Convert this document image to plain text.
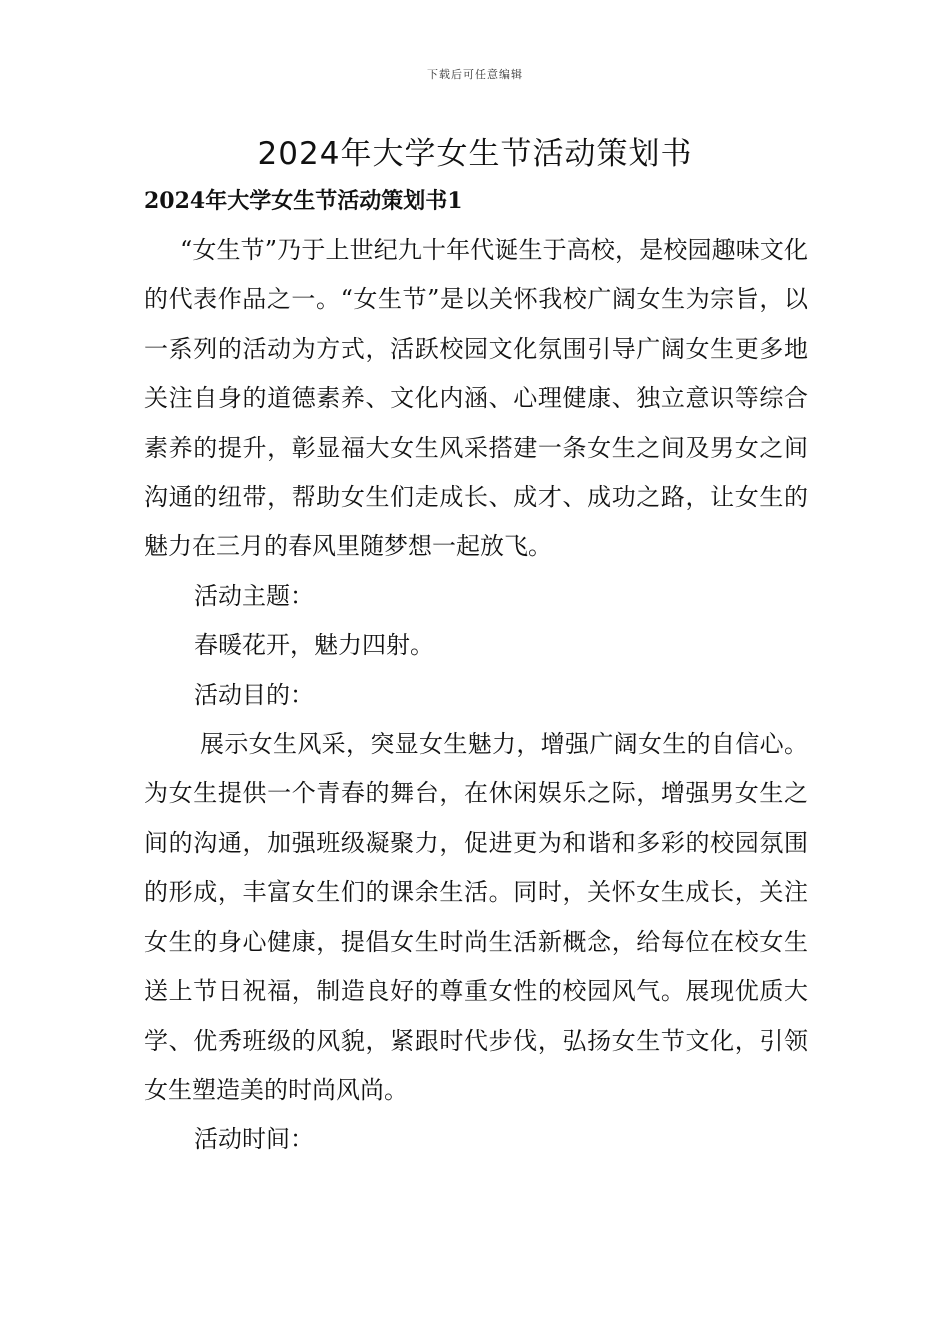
下载后可任意编辑
2024年大学女生节活动策划书
2024年大学女生节活动策划书1

“女生节”乃于上世纪九十年代诞生于高校，是校园趣味文化的代表作品之一。“女生节”是以关怀我校广阔女生为宗旨，以一系列的活动为方式，活跃校园文化氛围引导广阔女生更多地关注自身的道德素养、文化内涵、心理健康、独立意识等综合素养的提升，彰显福大女生风采搭建一条女生之间及男女之间沟通的纽带，帮助女生们走成长、成才、成功之路，让女生的魅力在三月的春风里随梦想一起放飞。

活动主题：

春暖花开，魅力四射。

活动目的：

展示女生风采，突显女生魅力，增强广阔女生的自信心。为女生提供一个青春的舞台，在休闲娱乐之际，增强男女生之间的沟通，加强班级凝聚力，促进更为和谐和多彩的校园氛围的形成，丰富女生们的课余生活。同时，关怀女生成长，关注女生的身心健康，提倡女生时尚生活新概念，给每位在校女生送上节日祝福，制造良好的尊重女性的校园风气。展现优质大学、优秀班级的风貌，紧跟时代步伐，弘扬女生节文化，引领女生塑造美的时尚风尚。

活动时间：
